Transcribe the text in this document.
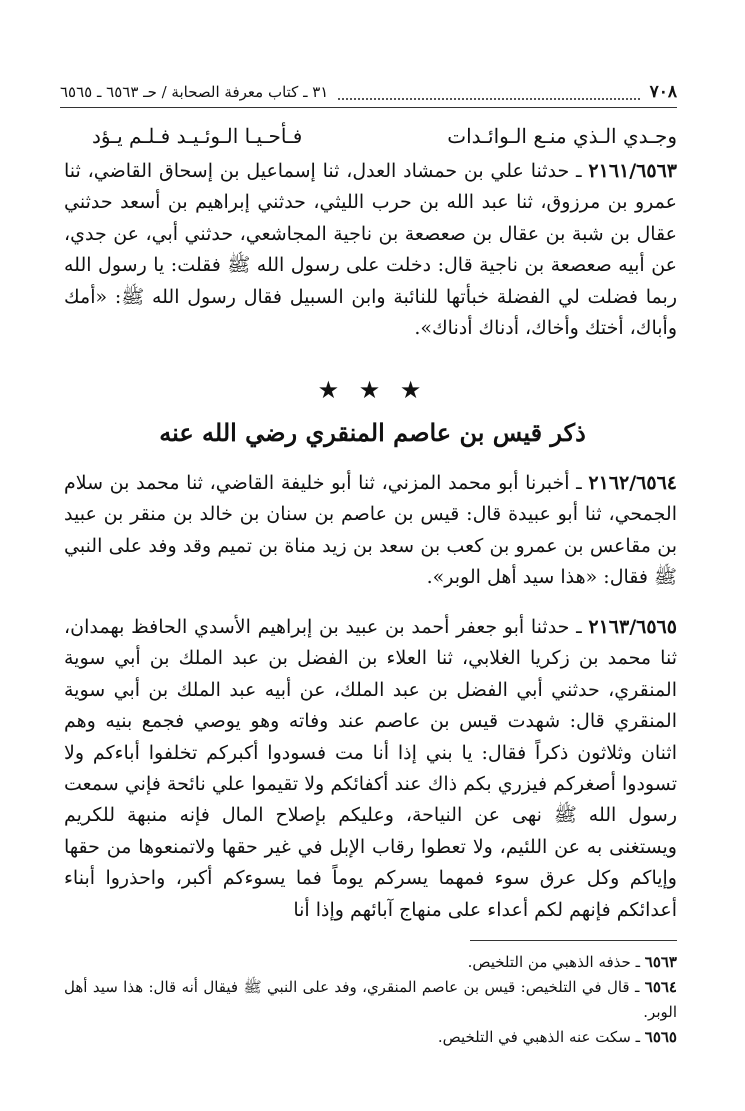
٧٠٨
٣١ ـ كتاب معرفة الصحابة / حـ ٦٥٦٣ ـ ٦٥٦٥
وجـدي الـذي منـع الـوائـدات
فـأحـيـا الـوئـيـد فـلـم يـؤد

٢١٦١/٦٥٦٣ ـ حدثنا علي بن حمشاد العدل، ثنا إسماعيل بن إسحاق القاضي، ثنا عمرو بن مرزوق، ثنا عبد الله بن حرب الليثي، حدثني إبراهيم بن أسعد حدثني عقال بن شبة بن عقال بن صعصعة بن ناجية المجاشعي، حدثني أبي، عن جدي، عن أبيه صعصعة بن ناجية قال: دخلت على رسول الله ﷺ فقلت: يا رسول الله ربما فضلت لي الفضلة خبأتها للنائبة وابن السبيل فقال رسول الله ﷺ: «أمك وأباك، أختك وأخاك، أدناك أدناك».

★ ★ ★
ذكر قيس بن عاصم المنقري رضي الله عنه

٢١٦٢/٦٥٦٤ ـ أخبرنا أبو محمد المزني، ثنا أبو خليفة القاضي، ثنا محمد بن سلام الجمحي، ثنا أبو عبيدة قال: قيس بن عاصم بن سنان بن خالد بن منقر بن عبيد بن مقاعس بن عمرو بن كعب بن سعد بن زيد مناة بن تميم وقد وفد على النبي ﷺ فقال: «هذا سيد أهل الوبر».

٢١٦٣/٦٥٦٥ ـ حدثنا أبو جعفر أحمد بن عبيد بن إبراهيم الأسدي الحافظ بهمدان، ثنا محمد بن زكريا الغلابي، ثنا العلاء بن الفضل بن عبد الملك بن أبي سوية المنقري، حدثني أبي الفضل بن عبد الملك، عن أبيه عبد الملك بن أبي سوية المنقري قال: شهدت قيس بن عاصم عند وفاته وهو يوصي فجمع بنيه وهم اثنان وثلاثون ذكراً فقال: يا بني إذا أنا مت فسودوا أكبركم تخلفوا أباءكم ولا تسودوا أصغركم فيزري بكم ذاك عند أكفائكم ولا تقيموا علي نائحة فإني سمعت رسول الله ﷺ نهى عن النياحة، وعليكم بإصلاح المال فإنه منبهة للكريم ويستغنى به عن اللئيم، ولا تعطوا رقاب الإبل في غير حقها ولاتمنعوها من حقها وإياكم وكل عرق سوء فمهما يسركم يوماً فما يسوءكم أكبر، واحذروا أبناء أعدائكم فإنهم لكم أعداء على منهاج آبائهم وإذا أنا

٦٥٦٣ ـ حذفه الذهبي من التلخيص.

٦٥٦٤ ـ قال في التلخيص: قيس بن عاصم المنقري، وفد على النبي ﷺ فيقال أنه قال: هذا سيد أهل الوبر.

٦٥٦٥ ـ سكت عنه الذهبي في التلخيص.
